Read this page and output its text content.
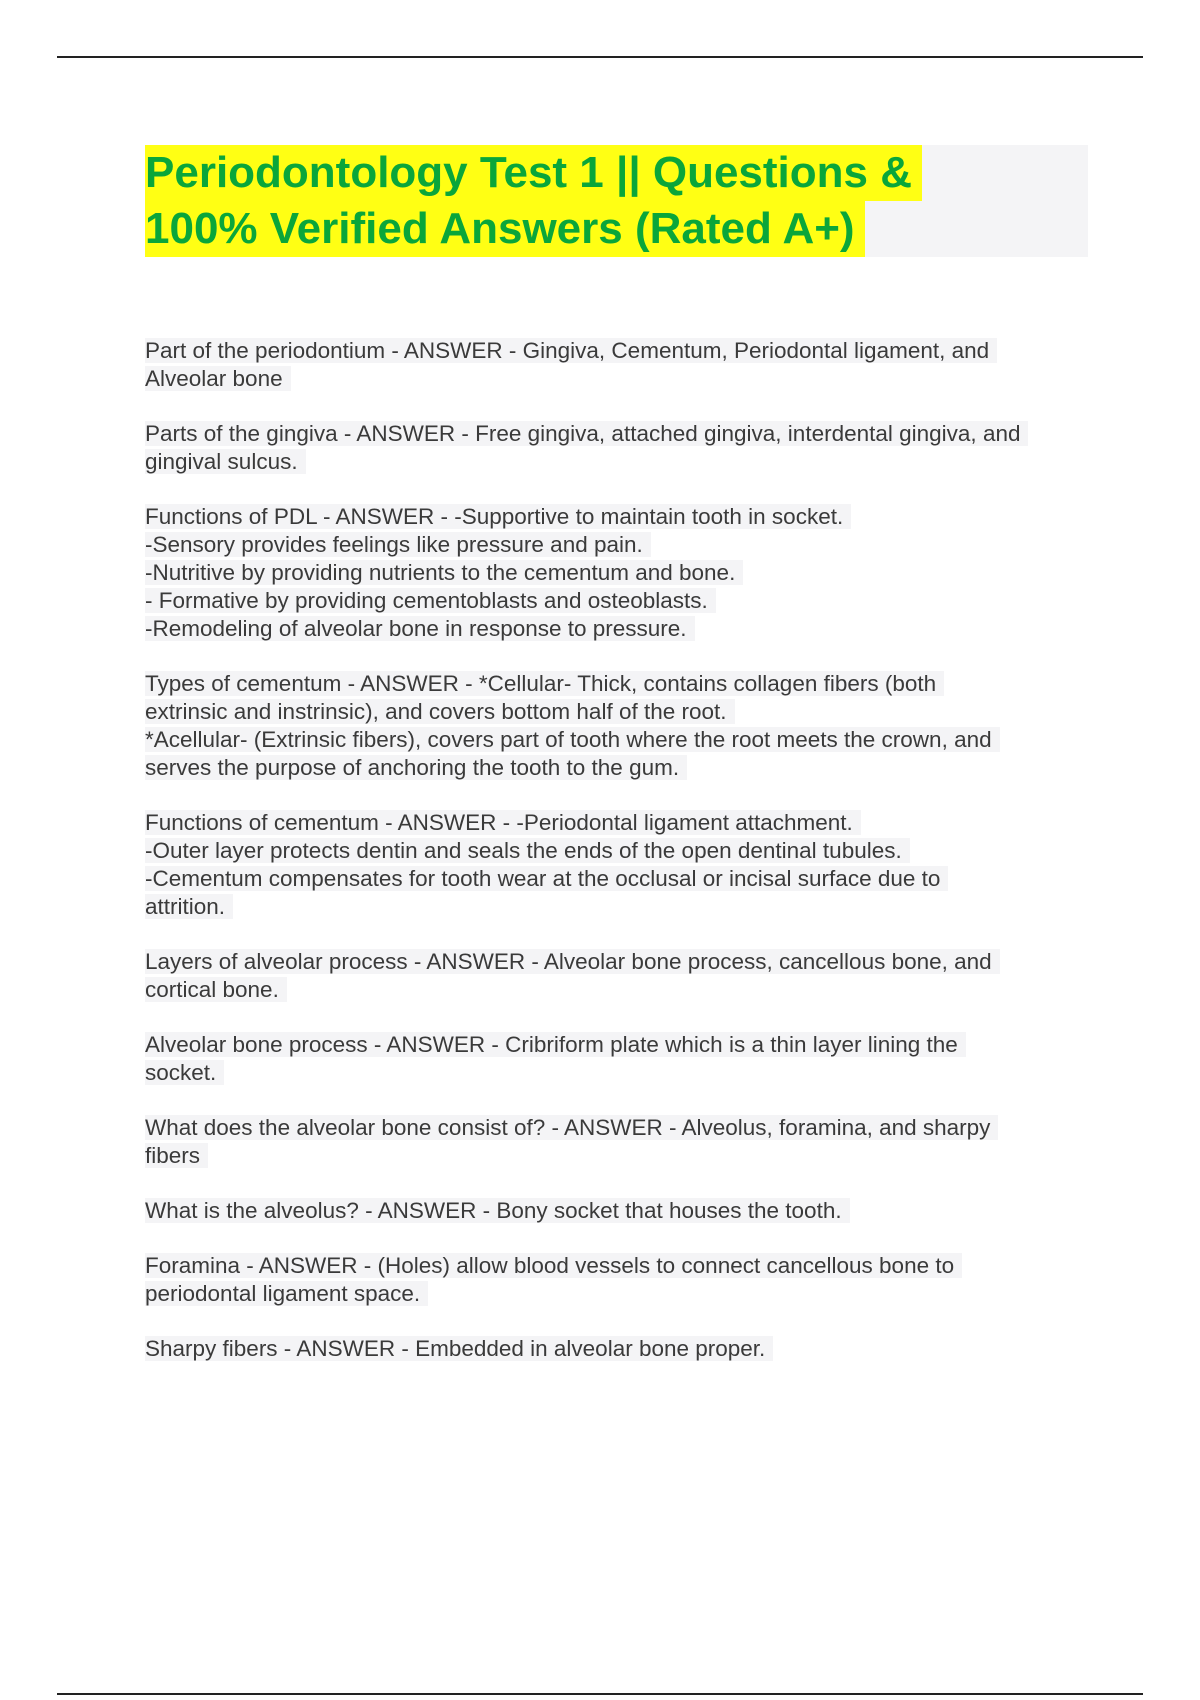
Periodontology Test 1 || Questions &
100% Verified Answers (Rated A+)
Part of the periodontium - ANSWER - Gingiva, Cementum, Periodontal ligament, and
Alveolar bone
Parts of the gingiva - ANSWER - Free gingiva, attached gingiva, interdental gingiva, and
gingival sulcus.
Functions of PDL - ANSWER - -Supportive to maintain tooth in socket.
-Sensory provides feelings like pressure and pain.
-Nutritive by providing nutrients to the cementum and bone.
- Formative by providing cementoblasts and osteoblasts.
-Remodeling of alveolar bone in response to pressure.
Types of cementum - ANSWER - *Cellular- Thick, contains collagen fibers (both
extrinsic and instrinsic), and covers bottom half of the root.
*Acellular- (Extrinsic fibers), covers part of tooth where the root meets the crown, and
serves the purpose of anchoring the tooth to the gum.
Functions of cementum - ANSWER - -Periodontal ligament attachment.
-Outer layer protects dentin and seals the ends of the open dentinal tubules.
-Cementum compensates for tooth wear at the occlusal or incisal surface due to
attrition.
Layers of alveolar process - ANSWER - Alveolar bone process, cancellous bone, and
cortical bone.
Alveolar bone process - ANSWER - Cribriform plate which is a thin layer lining the
socket.
What does the alveolar bone consist of? - ANSWER - Alveolus, foramina, and sharpy
fibers
What is the alveolus? - ANSWER - Bony socket that houses the tooth.
Foramina - ANSWER - (Holes) allow blood vessels to connect cancellous bone to
periodontal ligament space.
Sharpy fibers - ANSWER - Embedded in alveolar bone proper.
